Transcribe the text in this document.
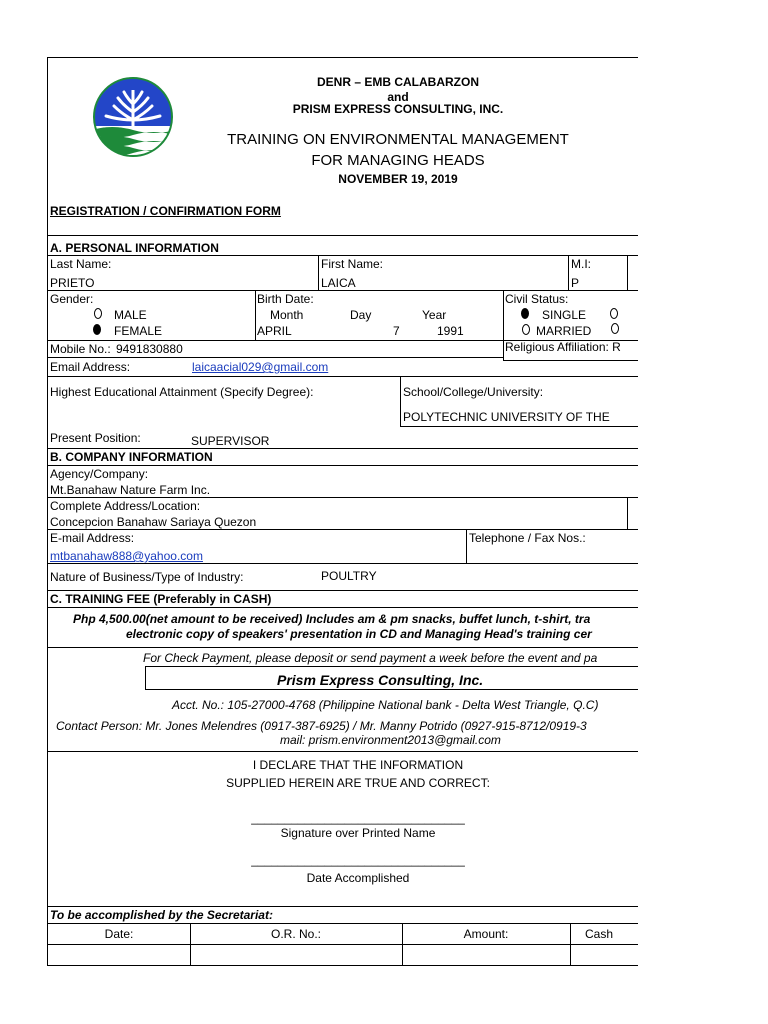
DENR – EMB CALABARZON
and
PRISM EXPRESS CONSULTING, INC.
TRAINING ON ENVIRONMENTAL MANAGEMENT
FOR MANAGING HEADS
NOVEMBER 19, 2019
REGISTRATION / CONFIRMATION FORM
A. PERSONAL INFORMATION
Last Name:
PRIETO
First Name:
LAICA
M.I:
P
Gender:
MALE
FEMALE
Birth Date:
Month	Day	Year
APRIL	7	1991
Civil Status:
SINGLE
MARRIED
Mobile No.: 9491830880	Religious Affiliation: R
Email Address:	laicaacial029@gmail.com
Highest Educational Attainment (Specify Degree):	School/College/University:
POLYTECHNIC UNIVERSITY OF THE
Present Position:	SUPERVISOR
B. COMPANY INFORMATION
Agency/Company:
Mt.Banahaw Nature Farm Inc.
Complete Address/Location:
Concepcion Banahaw Sariaya Quezon
E-mail Address:
mtbanahaw888@yahoo.com
Telephone / Fax Nos.:
Nature of Business/Type of Industry:	POULTRY
C. TRAINING FEE (Preferably in CASH)
Php 4,500.00(net amount to be received) Includes am & pm snacks, buffet lunch, t-shirt, tra
electronic copy of speakers' presentation in CD and Managing Head's training cer
For Check Payment, please deposit or send payment a week before the event and pa
Prism Express Consulting, Inc.
Acct. No.: 105-27000-4768 (Philippine National bank - Delta West Triangle, Q.C)
Contact Person: Mr. Jones Melendres (0917-387-6925) / Mr. Manny Potrido (0927-915-8712/0919-3
mail: prism.environment2013@gmail.com
I DECLARE THAT THE INFORMATION
SUPPLIED HEREIN ARE TRUE AND CORRECT:
________________________________
Signature over Printed Name
________________________________
Date Accomplished
To be accomplished by the Secretariat:
Date:	O.R. No.:	Amount:	Cash
